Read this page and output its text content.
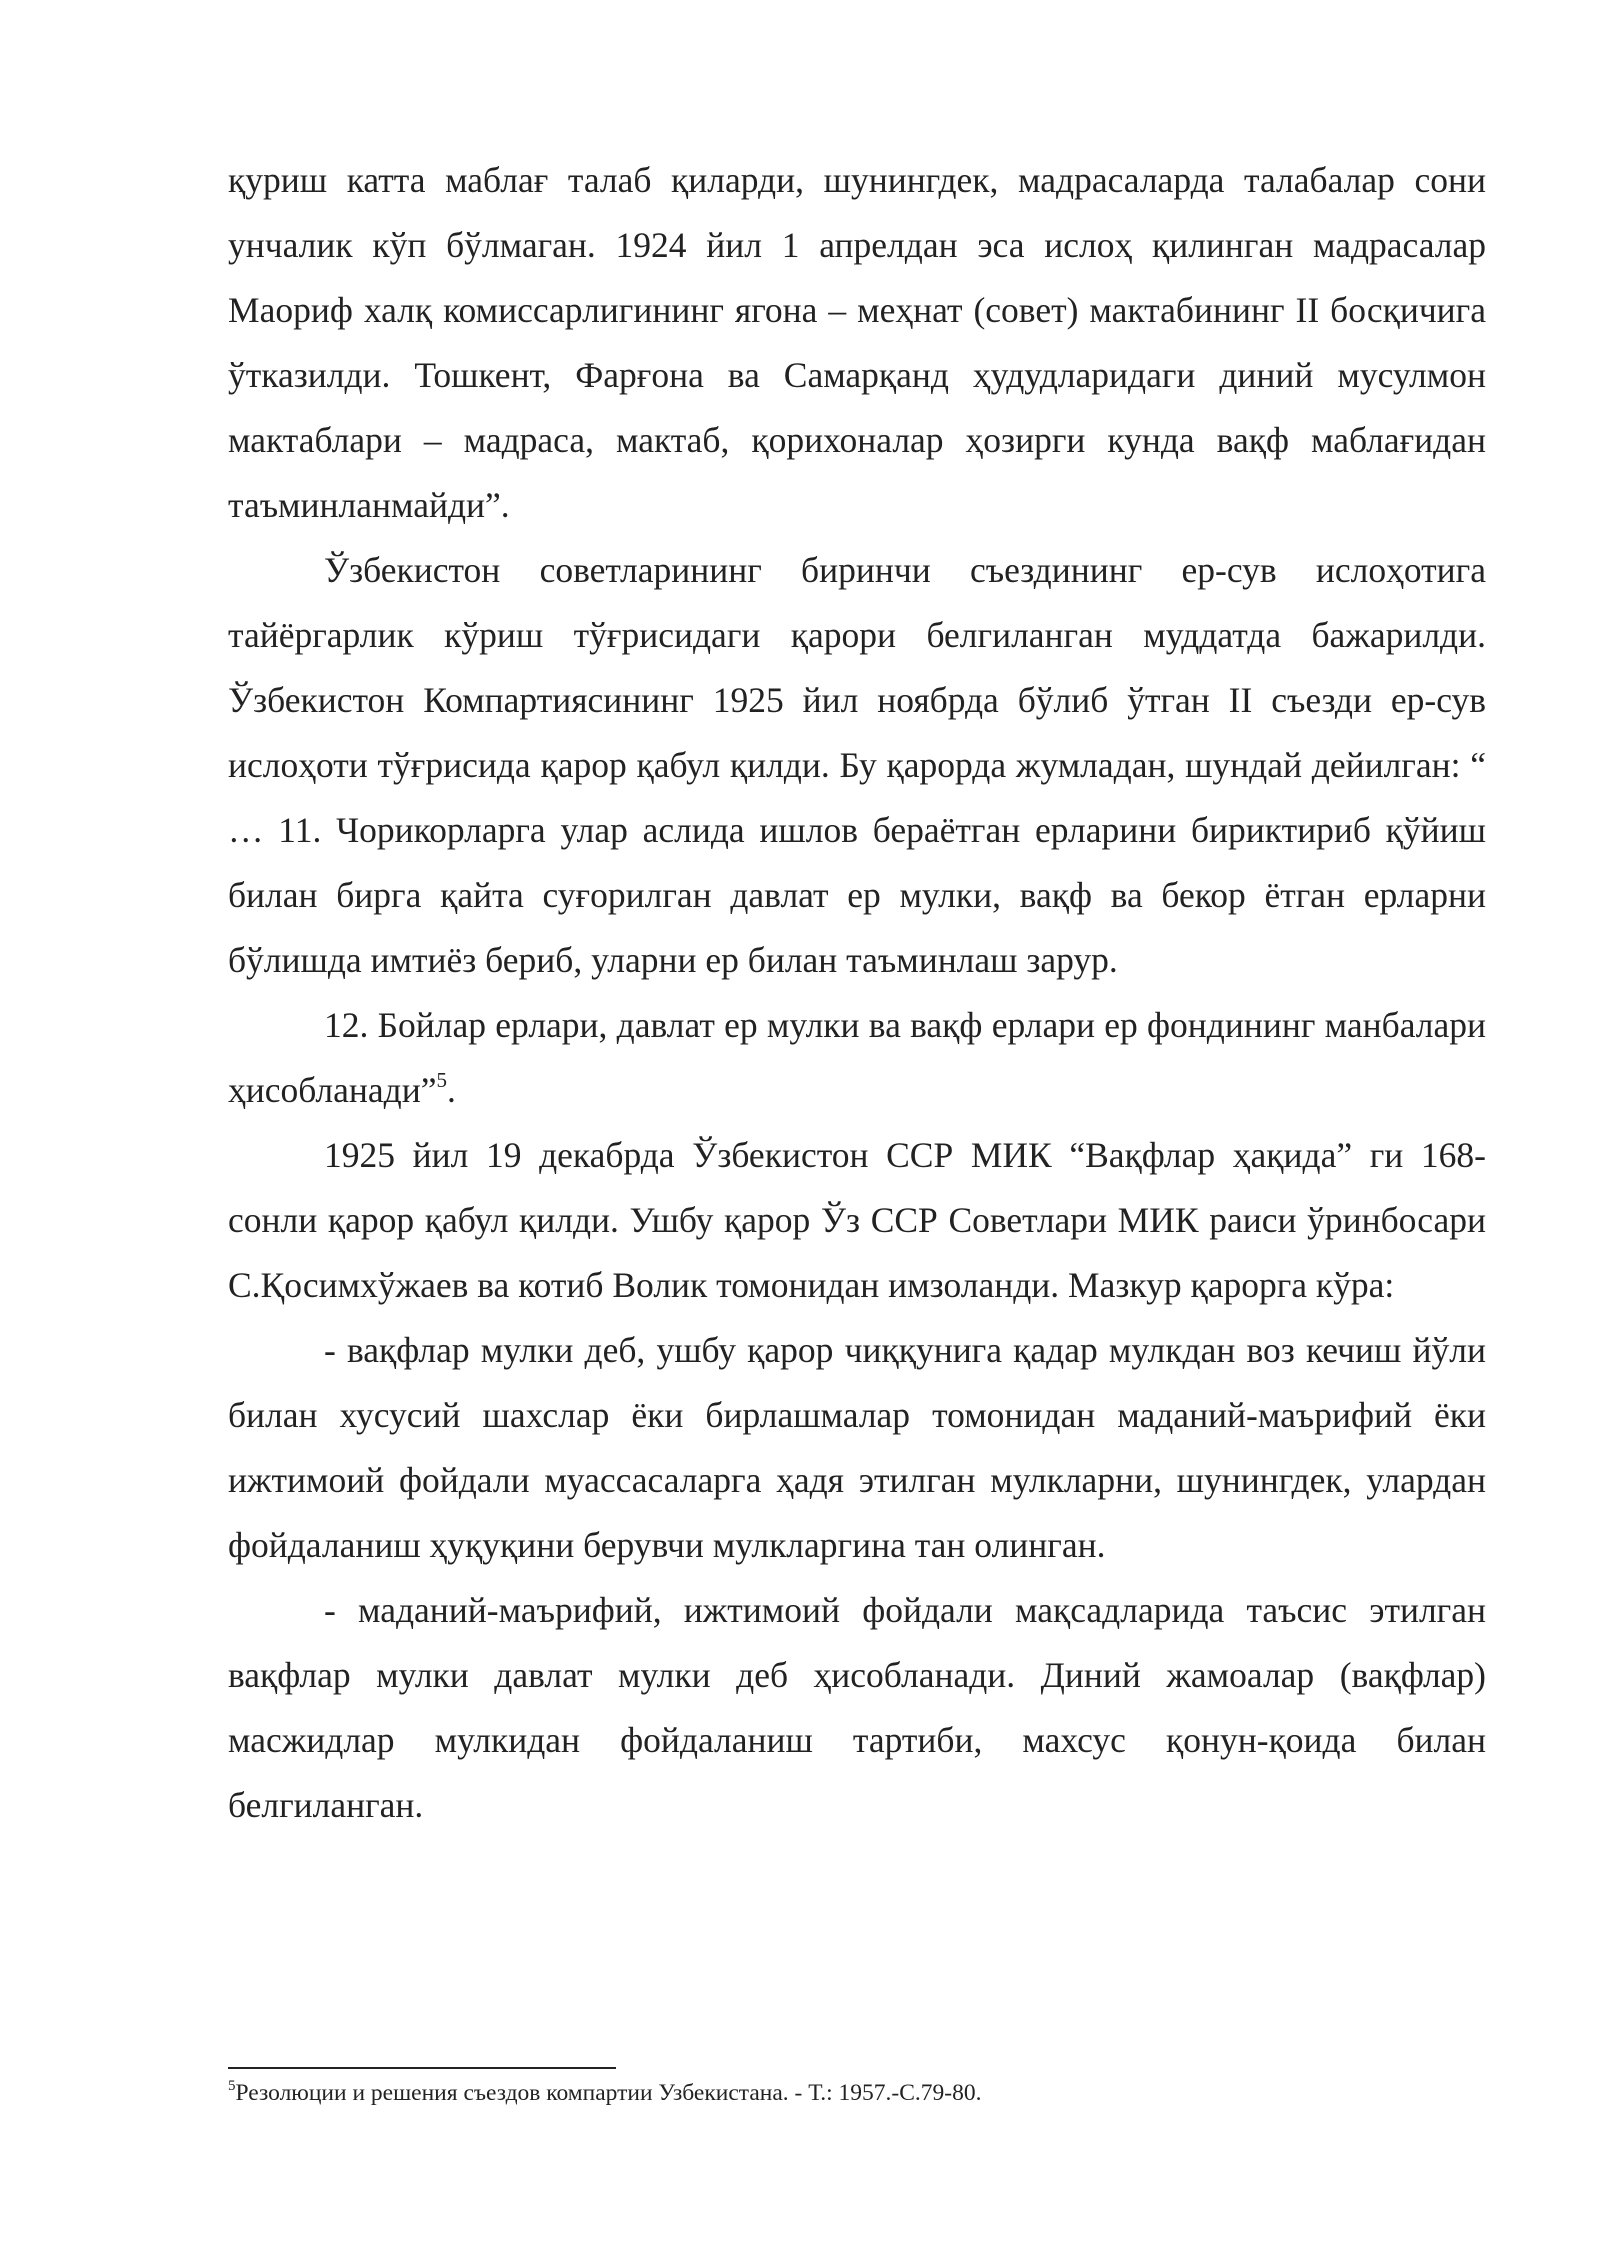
қуриш катта маблағ талаб қиларди, шунингдек, мадрасаларда талабалар сони унчалик кўп бўлмаган. 1924 йил 1 апрелдан эса ислоҳ қилинган мадрасалар Маориф халқ комиссарлигининг ягона – меҳнат (совет) мактабининг II босқичига ўтказилди. Тошкент, Фарғона ва Самарқанд ҳудудларидаги диний мусулмон мактаблари – мадраса, мактаб, қорихоналар ҳозирги кунда вақф маблағидан таъминланмайди”.

Ўзбекистон советларининг биринчи съездининг ер-сув ислоҳотига тайёргарлик кўриш тўғрисидаги қарори белгиланган муддатда бажарилди. Ўзбекистон Компартиясининг 1925 йил ноябрда бўлиб ўтган II съезди ер-сув ислоҳоти тўғрисида қарор қабул қилди. Бу қарорда жумладан, шундай дейилган: “ … 11. Чорикорларга улар аслида ишлов бераётган ерларини бириктириб қўйиш билан бирга қайта суғорилган давлат ер мулки, вақф ва бекор ётган ерларни бўлишда имтиёз бериб, уларни ер билан таъминлаш зарур.

12. Бойлар ерлари, давлат ер мулки ва вақф ерлари ер фондининг манбалари ҳисобланади”$^5$.

1925 йил 19 декабрда Ўзбекистон ССР МИК “Вақфлар ҳақида” ги 168-сонли қарор қабул қилди. Ушбу қарор Ўз ССР Советлари МИК раиси ўринбосари С.Қосимхўжаев ва котиб Волик томонидан имзоланди. Мазкур қарорга кўра:

- вақфлар мулки деб, ушбу қарор чиққунига қадар мулкдан воз кечиш йўли билан хусусий шахслар ёки бирлашмалар томонидан маданий-маърифий ёки ижтимоий фойдали муассасаларга ҳадя этилган мулкларни, шунингдек, улардан фойдаланиш ҳуқуқини берувчи мулкларгина тан олинган.

- маданий-маърифий, ижтимоий фойдали мақсадларида таъсис этилган вақфлар мулки давлат мулки деб ҳисобланади. Диний жамоалар (вақфлар) масжидлар мулкидан фойдаланиш тартиби, махсус қонун-қоида билан белгиланган.

$^5$Резолюции и решения съездов компартии Узбекистана. - Т.: 1957.-С.79-80.
